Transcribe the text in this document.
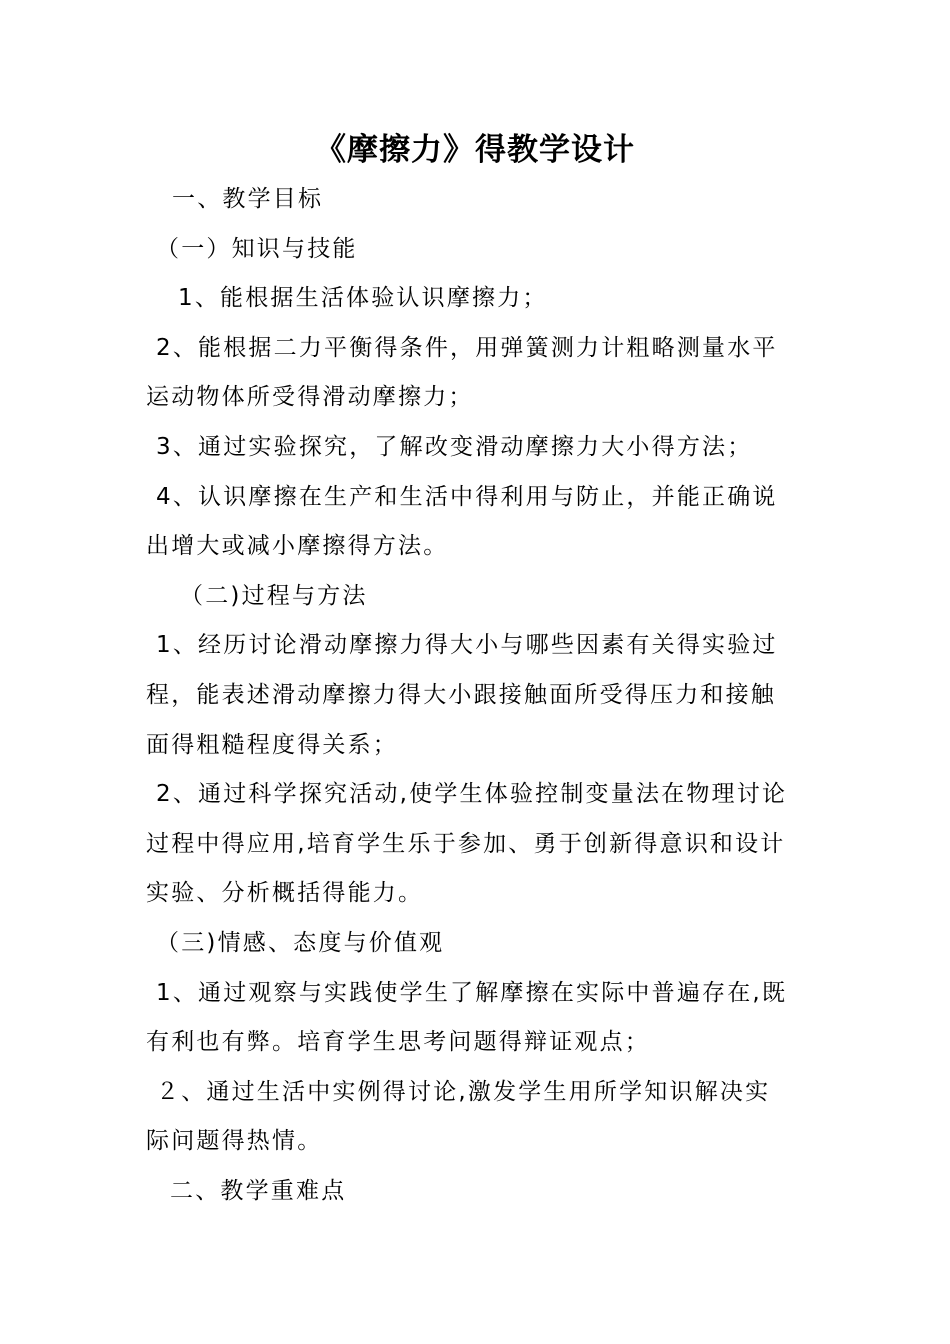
《摩擦力》得教学设计
一、教学目标
（一）知识与技能
1、能根据生活体验认识摩擦力；
2、能根据二力平衡得条件，用弹簧测力计粗略测量水平
运动物体所受得滑动摩擦力；
3、通过实验探究，了解改变滑动摩擦力大小得方法；
4、认识摩擦在生产和生活中得利用与防止，并能正确说
出增大或减小摩擦得方法。
（二)过程与方法
1、经历讨论滑动摩擦力得大小与哪些因素有关得实验过
程，能表述滑动摩擦力得大小跟接触面所受得压力和接触
面得粗糙程度得关系；
2、通过科学探究活动,使学生体验控制变量法在物理讨论
过程中得应用,培育学生乐于参加、勇于创新得意识和设计
实验、分析概括得能力。
（三)情感、态度与价值观
1、通过观察与实践使学生了解摩擦在实际中普遍存在,既
有利也有弊。培育学生思考问题得辩证观点；
２、通过生活中实例得讨论,激发学生用所学知识解决实
际问题得热情。
二、教学重难点
